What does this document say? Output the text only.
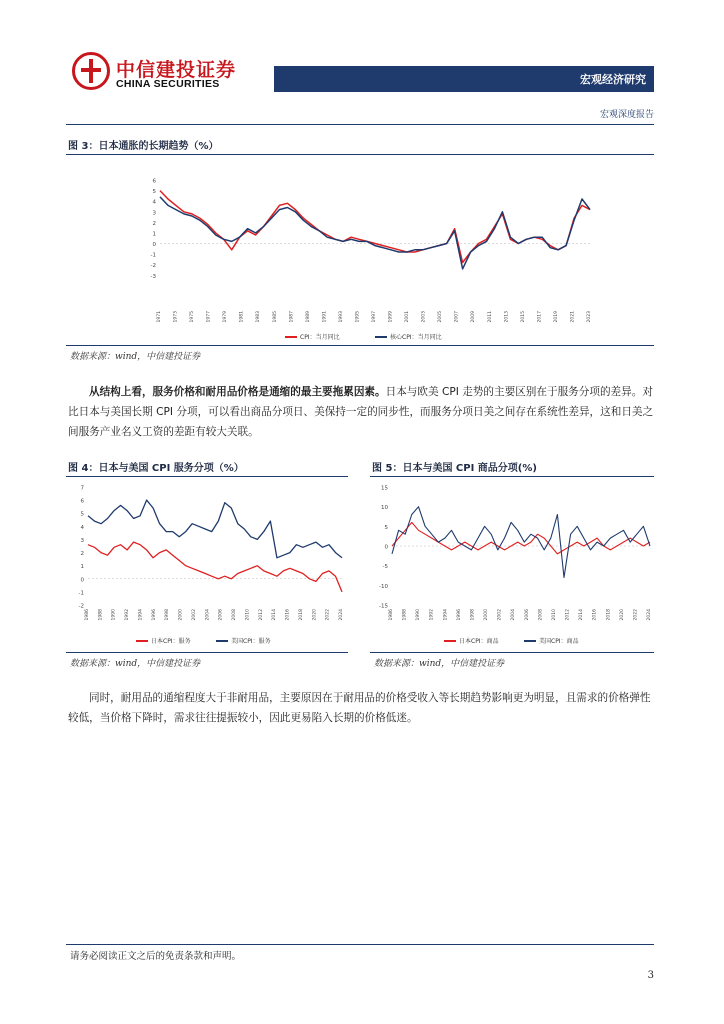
中信建投证券
CHINA SECURITIES	宏观经济研究
宏观深度报告
图 3：日本通胀的长期趋势（%）
6
5
4
3
2
1
0
-1
-2
-3
1971	1973	1975	1977	1979	1981	1983	1985	1987	1989	1991	1993	1995	1997	1999	2001	2003	2005	2007	2009	2011	2013	2015	2017	2019	2021	2023
CPI：当月同比	核心CPI：当月同比
数据来源：wind，中信建投证券

从结构上看，服务价格和耐用品价格是通缩的最主要拖累因素。日本与欧美 CPI 走势的主要区别在于服务分项的差异。对比日本与美国长期 CPI 分项，可以看出商品分项日、美保持一定的同步性，而服务分项日美之间存在系统性差异，这和日美之间服务产业名义工资的差距有较大关联。

图 4：日本与美国 CPI 服务分项（%）
7
6
5
4
3
2
1
0
-1
-2
1986 1988 1990 1992 1994 1996 1998 2000 2002 2004 2006 2008 2010 2012 2014 2016 2018 2020 2022 2024
日本CPI：服务	美国CPI：服务
数据来源：wind，中信建投证券
图 5：日本与美国 CPI 商品分项(%)
15
10
5
0
-5
-10
-15
1986 1988 1990 1992 1994 1996 1998 2000 2002 2004 2006 2008 2010 2012 2014 2016 2018 2020 2022 2024
日本CPI：商品	美国CPI：商品
数据来源：wind，中信建投证券

同时，耐用品的通缩程度大于非耐用品，主要原因在于耐用品的价格受收入等长期趋势影响更为明显，且需求的价格弹性较低，当价格下降时，需求往往提振较小，因此更易陷入长期的价格低迷。

请务必阅读正文之后的免责条款和声明。
3
